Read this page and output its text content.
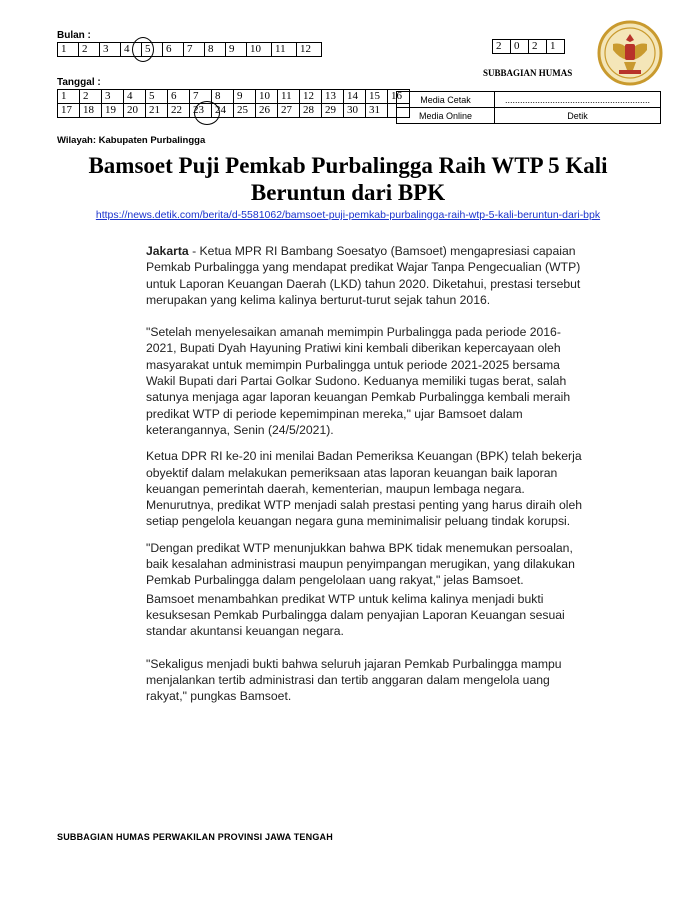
Bulan :
1	2	3	4	5	6	7	8	9	10	11	12	2	0	2	1
SUBBAGIAN HUMAS
Tanggal :
1	2	3	4	5	6	7	8	9	10	11	12	13	14	15	16
17	18	19	20	21	22	23	24	25	26	27	28	29	30	31	
Media Cetak	..........................................................
Media Online	Detik
Wilayah: Kabupaten Purbalingga
Bamsoet Puji Pemkab Purbalingga Raih WTP 5 Kali
Beruntun dari BPK
https://news.detik.com/berita/d-5581062/bamsoet-puji-pemkab-purbalingga-raih-wtp-5-kali-beruntun-dari-bpk

Jakarta - Ketua MPR RI Bambang Soesatyo (Bamsoet) mengapresiasi capaian Pemkab Purbalingga yang mendapat predikat Wajar Tanpa Pengecualian (WTP) untuk Laporan Keuangan Daerah (LKD) tahun 2020. Diketahui, prestasi tersebut merupakan yang kelima kalinya berturut-turut sejak tahun 2016.

"Setelah menyelesaikan amanah memimpin Purbalingga pada periode 2016-2021, Bupati Dyah Hayuning Pratiwi kini kembali diberikan kepercayaan oleh masyarakat untuk memimpin Purbalingga untuk periode 2021-2025 bersama Wakil Bupati dari Partai Golkar Sudono. Keduanya memiliki tugas berat, salah satunya menjaga agar laporan keuangan Pemkab Purbalingga kembali meraih predikat WTP di periode kepemimpinan mereka," ujar Bamsoet dalam keterangannya, Senin (24/5/2021).

Ketua DPR RI ke-20 ini menilai Badan Pemeriksa Keuangan (BPK) telah bekerja obyektif dalam melakukan pemeriksaan atas laporan keuangan baik laporan keuangan pemerintah daerah, kementerian, maupun lembaga negara. Menurutnya, predikat WTP menjadi salah prestasi penting yang harus diraih oleh setiap pengelola keuangan negara guna meminimalisir peluang tindak korupsi.

"Dengan predikat WTP menunjukkan bahwa BPK tidak menemukan persoalan, baik kesalahan administrasi maupun penyimpangan merugikan, yang dilakukan Pemkab Purbalingga dalam pengelolaan uang rakyat," jelas Bamsoet.

Bamsoet menambahkan predikat WTP untuk kelima kalinya menjadi bukti kesuksesan Pemkab Purbalingga dalam penyajian Laporan Keuangan sesuai standar akuntansi keuangan negara.

"Sekaligus menjadi bukti bahwa seluruh jajaran Pemkab Purbalingga mampu menjalankan tertib administrasi dan tertib anggaran dalam mengelola uang rakyat," pungkas Bamsoet.

SUBBAGIAN HUMAS PERWAKILAN PROVINSI JAWA TENGAH
